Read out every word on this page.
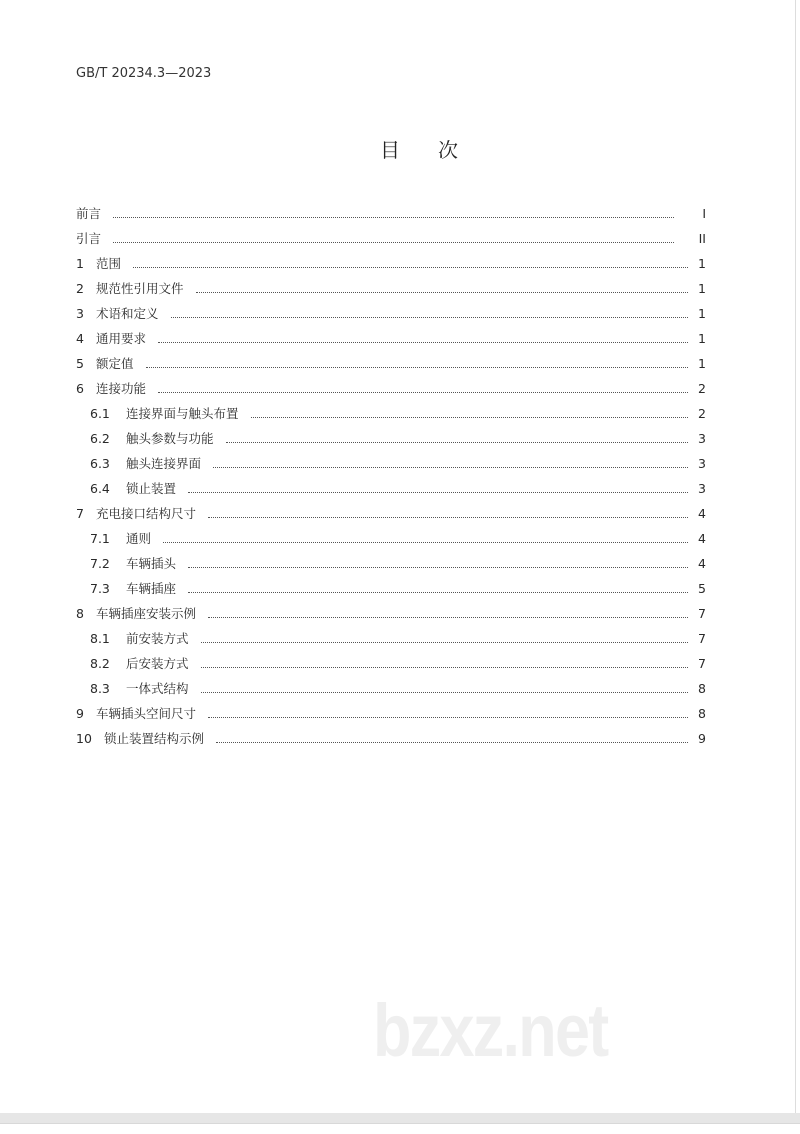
GB/T 20234.3—2023
目次
前言	I
引言	II
1 范围	1
2 规范性引用文件	1
3 术语和定义	1
4 通用要求	1
5 额定值	1
6 连接功能	2
6.1	连接界面与触头布置	2
6.2	触头参数与功能	3
6.3	触头连接界面	3
6.4	锁止装置	3
7 充电接口结构尺寸	4
7.1	通则	4
7.2	车辆插头	4
7.3	车辆插座	5
8 车辆插座安装示例	7
8.1	前安装方式	7
8.2	后安装方式	7
8.3	一体式结构	8
9 车辆插头空间尺寸	8
10 锁止装置结构示例	9
bzxz.net
